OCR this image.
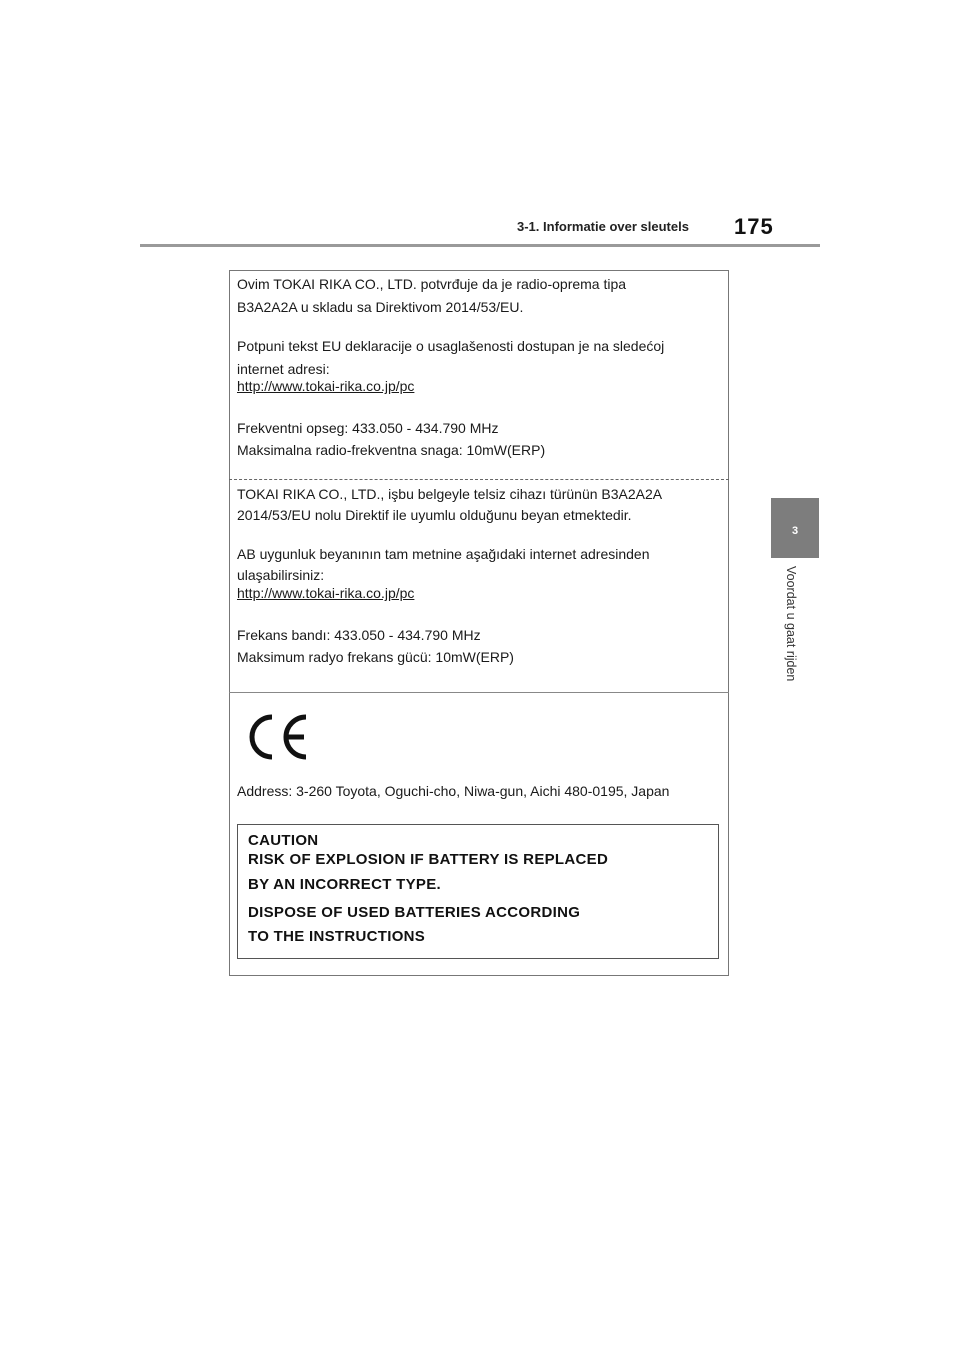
3-1. Informatie over sleutels 175
3
Voordat u gaat rijden
Ovim TOKAI RIKA CO., LTD. potvrđuje da je radio-oprema tipa
B3A2A2A u skladu sa Direktivom 2014/53/EU.
Potpuni tekst EU deklaracije o usaglašenosti dostupan je na sledećoj
internet adresi:
http://www.tokai-rika.co.jp/pc
Frekventni opseg: 433.050 - 434.790 MHz
Maksimalna radio-frekventna snaga: 10mW(ERP)
TOKAI RIKA CO., LTD., işbu belgeyle telsiz cihazı türünün B3A2A2A
2014/53/EU nolu Direktif ile uyumlu olduğunu beyan etmektedir.
AB uygunluk beyanının tam metnine aşağıdaki internet adresinden
ulaşabilirsiniz:
http://www.tokai-rika.co.jp/pc
Frekans bandı: 433.050 - 434.790 MHz
Maksimum radyo frekans gücü: 10mW(ERP)
Address: 3-260 Toyota, Oguchi-cho, Niwa-gun, Aichi 480-0195, Japan
CAUTION
RISK OF EXPLOSION IF BATTERY IS REPLACED
BY AN INCORRECT TYPE.
DISPOSE OF USED BATTERIES ACCORDING
TO THE INSTRUCTIONS
